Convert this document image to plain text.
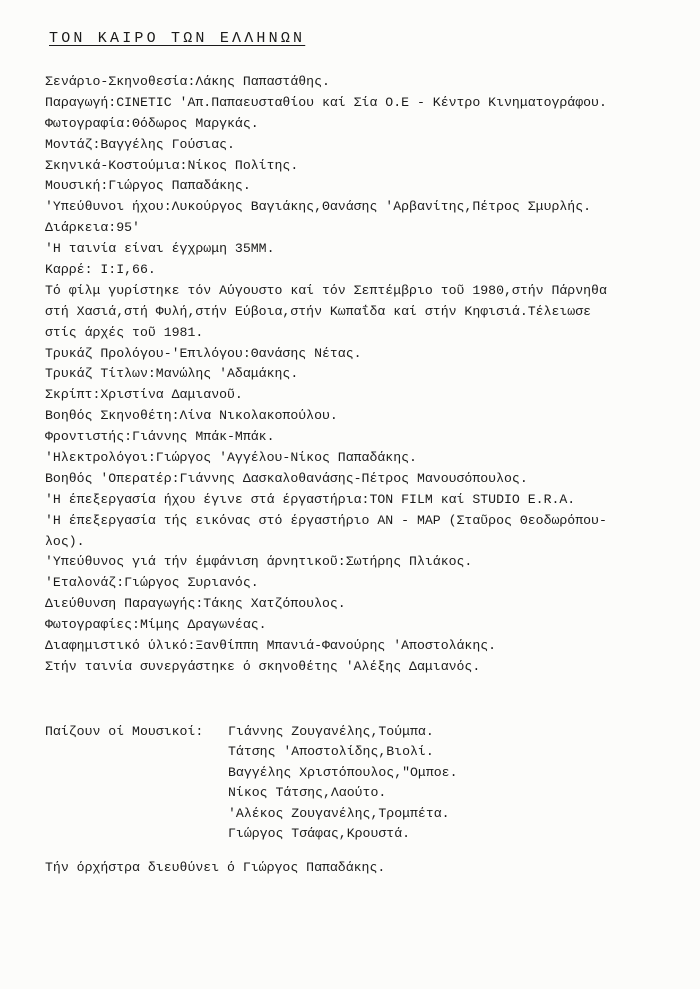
ΤΟΝ ΚΑΙΡΟ ΤΩΝ ΕΛΛΗΝΩΝ
Σενάριο-Σκηνοθεσία:Λάκης Παπαστάθης.
Παραγωγή:CINETIC 'Απ.Παπαευσταθίου καί Σία Ο.Ε - Κέντρο Κινηματογράφου.
Φωτογραφία:Θόδωρος Μαργκάς.
Μοντάζ:Βαγγέλης Γούσιας.
Σκηνικά-Κοστούμια:Νίκος Πολίτης.
Μουσική:Γιώργος Παπαδάκης.
'Υπεύθυνοι ήχου:Λυκούργος Βαγιάκης,Θανάσης 'Αρβανίτης,Πέτρος Σμυρλής.
Διάρκεια:95'
'Η ταινία είναι έγχρωμη 35ΜΜ.
Καρρέ: Ι:Ι,66.
Τό φίλμ γυρίστηκε τόν Αύγουστο καί τόν Σεπτέμβριο τοῦ 1980,στήν Πάρνηθα
στή Χασιά,στή Φυλή,στήν Εύβοια,στήν Κωπαΐδα καί στήν Κηφισιά.Τέλειωσε
στίς άρχές τοῦ 1981.
Τρυκάζ Προλόγου-'Επιλόγου:Θανάσης Νέτας.
Τρυκάζ Τίτλων:Μανώλης 'Αδαμάκης.
Σκρίπτ:Χριστίνα Δαμιανοῦ.
Βοηθός Σκηνοθέτη:Λίνα Νικολακοπούλου.
Φροντιστής:Γιάννης Μπάκ-Μπάκ.
'Ηλεκτρολόγοι:Γιώργος 'Αγγέλου-Νίκος Παπαδάκης.
Βοηθός 'Οπερατέρ:Γιάννης Δασκαλοθανάσης-Πέτρος Μανουσόπουλος.
'Η έπεξεργασία ήχου έγινε στά έργαστήρια:ΤΟΝ FILM καί STUDIO E.R.A.
'Η έπεξεργασία τής εικόνας στό έργαστήριο ΑΝ - ΜΑΡ (Σταῦρος Θεοδωρόπου-
λος).
'Υπεύθυνος γιά τήν έμφάνιση άρνητικοῦ:Σωτήρης Πλιάκος.
'Εταλονάζ:Γιώργος Συριανός.
Διεύθυνση Παραγωγής:Τάκης Χατζόπουλος.
Φωτογραφίες:Μίμης Δραγωνέας.
Διαφημιστικό ύλικό:Ξανθίππη Μπανιά-Φανούρης 'Αποστολάκης.
Στήν ταινία συνεργάστηκε ό σκηνοθέτης 'Αλέξης Δαμιανός.
Παίζουν οί Μουσικοί:	Γιάννης Ζουγανέλης,Τούμπα.
Τάτσης 'Αποστολίδης,Βιολί.
Βαγγέλης Χριστόπουλος,"Ομποε.
Νίκος Τάτσης,Λαούτο.
'Αλέκος Ζουγανέλης,Τρομπέτα.
Γιώργος Τσάφας,Κρουστά.
Τήν όρχήστρα διευθύνει ό Γιώργος Παπαδάκης.
